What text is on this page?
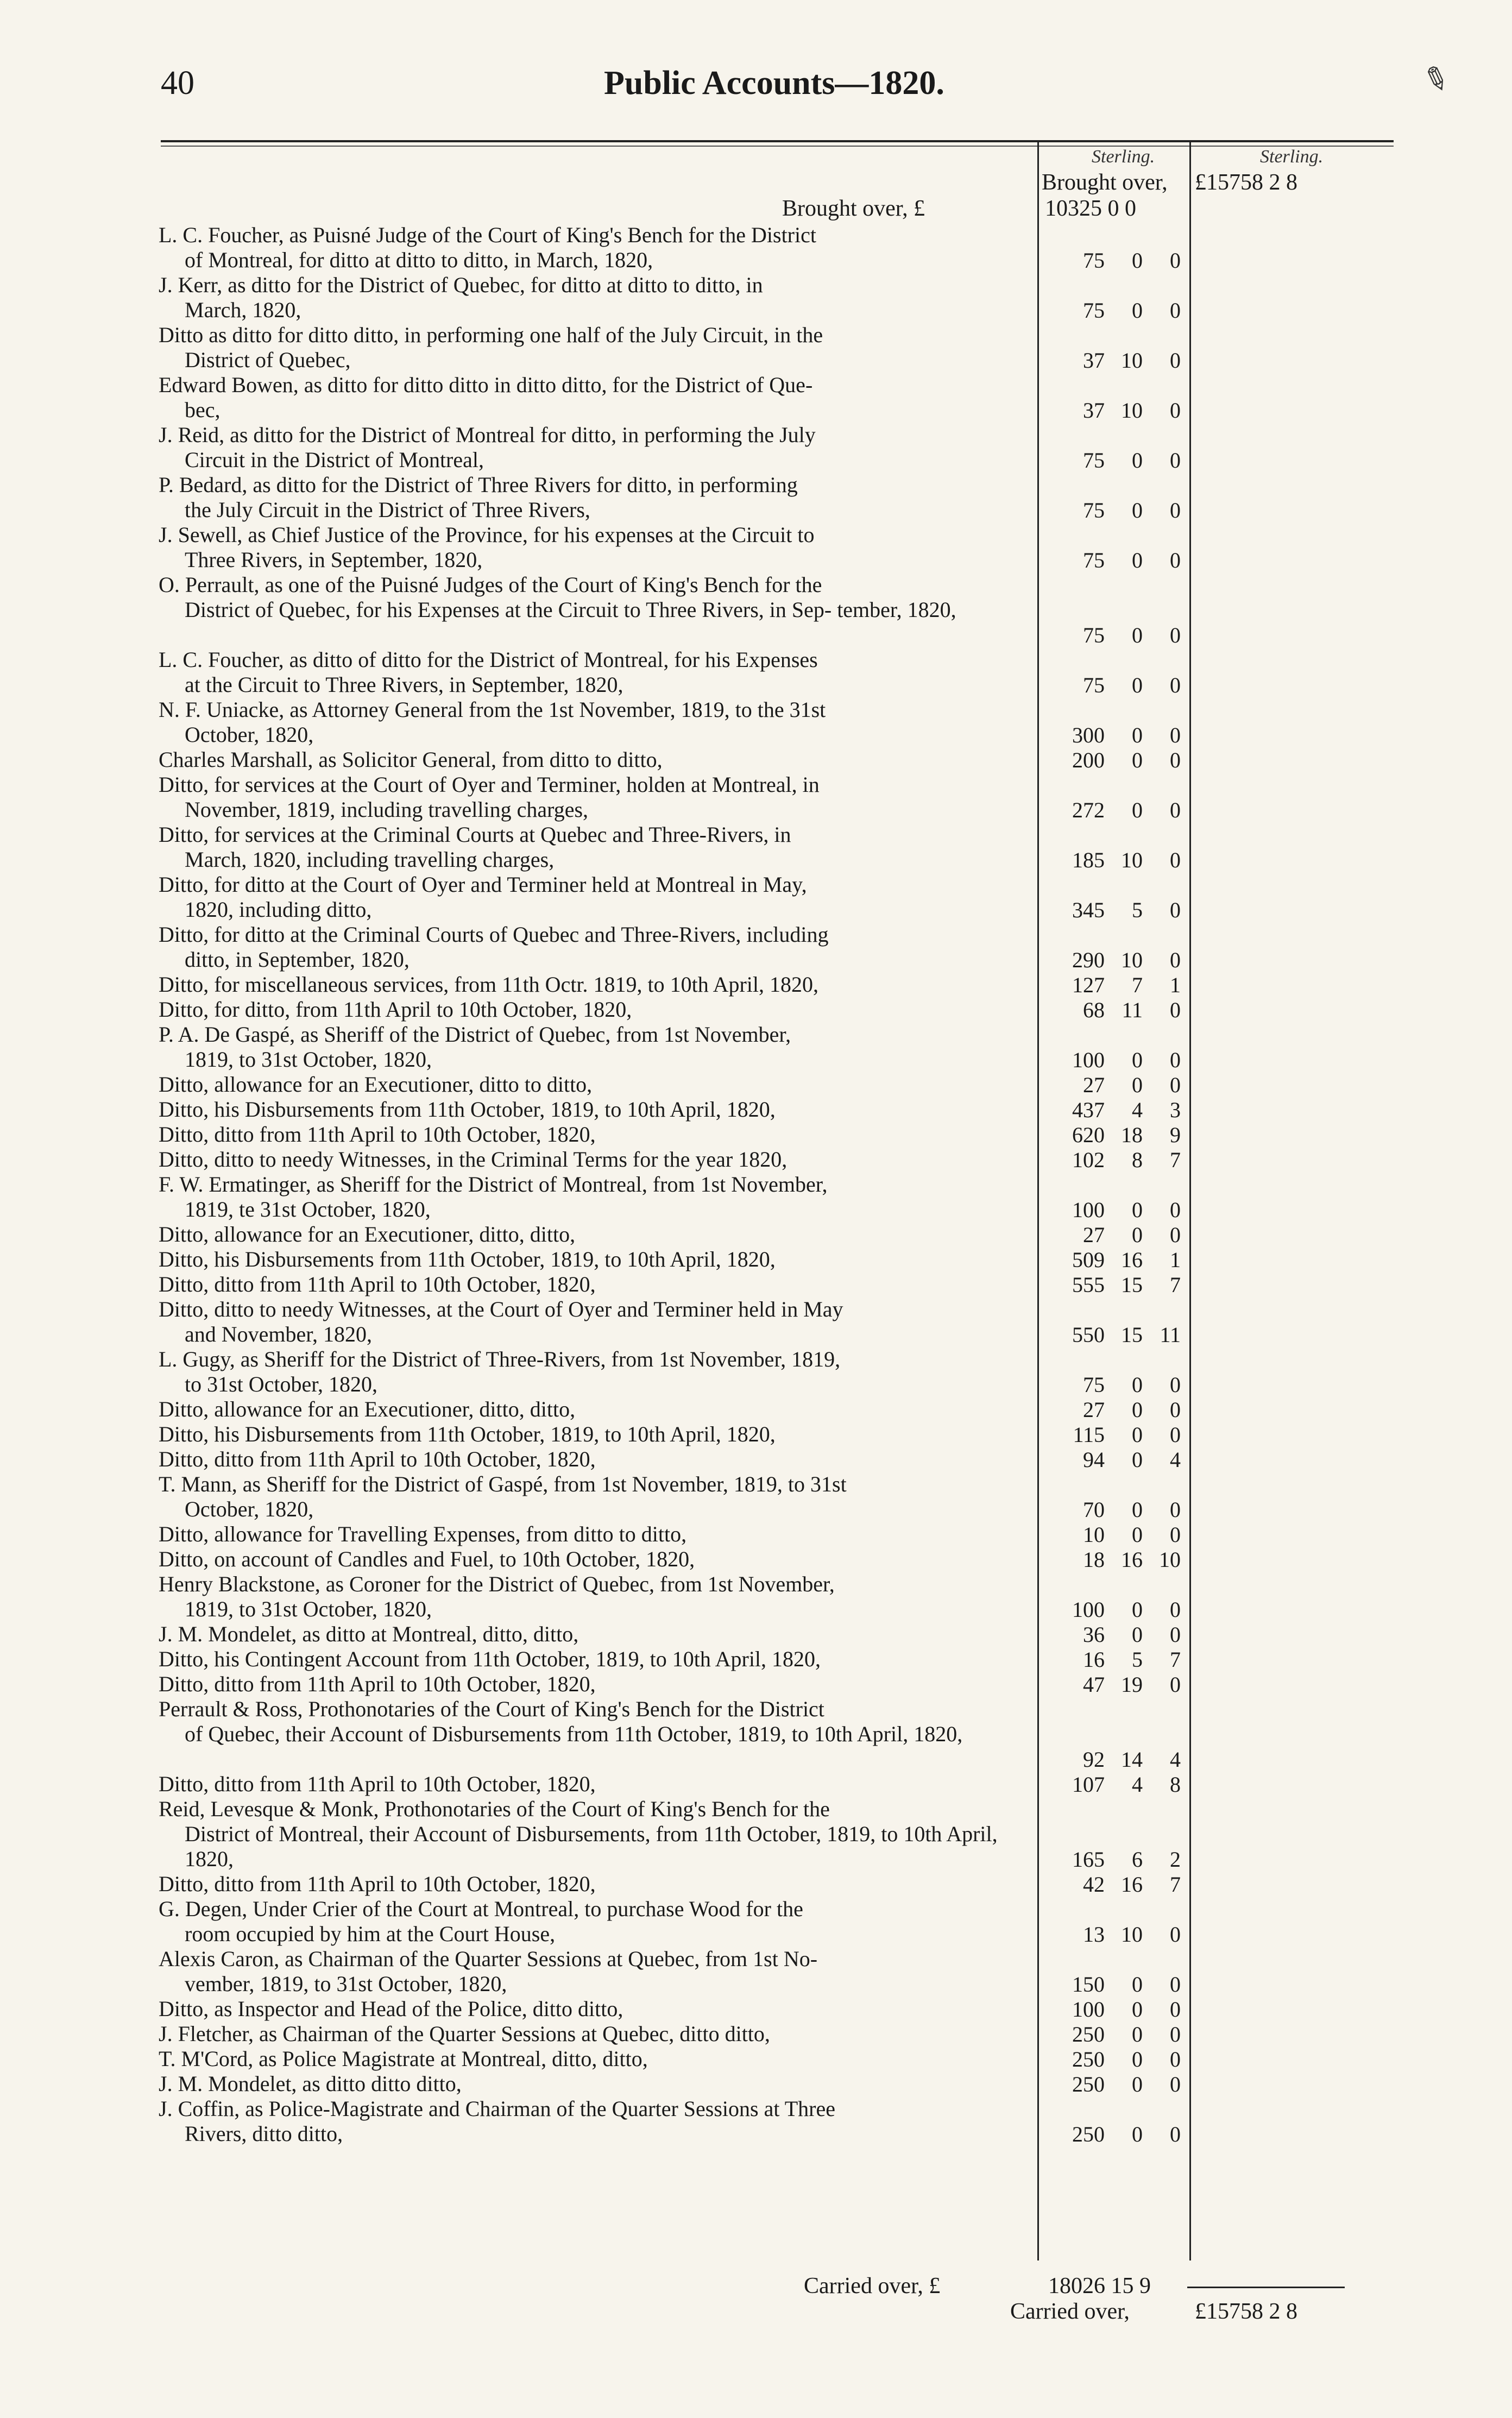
40	Public Accounts—1820.	✎
Sterling.	Sterling.
Brought over, £15758 2 8
Brought over, £	10325 0 0
L. C. Foucher, as Puisné Judge of the Court of King's Bench for the District
of Montreal, for ditto at ditto to ditto, in March, 1820,	75	0	0
J. Kerr, as ditto for the District of Quebec, for ditto at ditto to ditto, in
March, 1820,	75	0	0
Ditto as ditto for ditto ditto, in performing one half of the July Circuit, in the
District of Quebec,	37 10	0
Edward Bowen, as ditto for ditto ditto in ditto ditto, for the District of Que-
bec,	37 10	0
J. Reid, as ditto for the District of Montreal for ditto, in performing the July
Circuit in the District of Montreal,	75	0	0
P. Bedard, as ditto for the District of Three Rivers for ditto, in performing
the July Circuit in the District of Three Rivers,	75	0	0
J. Sewell, as Chief Justice of the Province, for his expenses at the Circuit to
Three Rivers, in September, 1820,	75	0	0
O. Perrault, as one of the Puisné Judges of the Court of King's Bench for the
District of Quebec, for his Expenses at the Circuit to Three Rivers, in Sep- tember, 1820,
75	0	0
L. C. Foucher, as ditto of ditto for the District of Montreal, for his Expenses
at the Circuit to Three Rivers, in September, 1820,	75	0	0
N. F. Uniacke, as Attorney General from the 1st November, 1819, to the 31st
October, 1820,	300	0	0
Charles Marshall, as Solicitor General, from ditto to ditto,	200	0	0
Ditto, for services at the Court of Oyer and Terminer, holden at Montreal, in
November, 1819, including travelling charges,	272	0	0
Ditto, for services at the Criminal Courts at Quebec and Three-Rivers, in
March, 1820, including travelling charges,	185 10	0
Ditto, for ditto at the Court of Oyer and Terminer held at Montreal in May,
1820, including ditto,	345	5	0
Ditto, for ditto at the Criminal Courts of Quebec and Three-Rivers, including
ditto, in September, 1820,	290 10	0
Ditto, for miscellaneous services, from 11th Octr. 1819, to 10th April, 1820,	127	7	1
Ditto, for ditto, from 11th April to 10th October, 1820,	68 11	0
P. A. De Gaspé, as Sheriff of the District of Quebec, from 1st November,
1819, to 31st October, 1820,	100	0	0
Ditto, allowance for an Executioner, ditto to ditto,	27	0	0
Ditto, his Disbursements from 11th October, 1819, to 10th April, 1820,	437	4	3
Ditto, ditto from 11th April to 10th October, 1820,	620 18	9
Ditto, ditto to needy Witnesses, in the Criminal Terms for the year 1820,	102	8	7
F. W. Ermatinger, as Sheriff for the District of Montreal, from 1st November,
1819, te 31st October, 1820,	100	0	0
Ditto, allowance for an Executioner, ditto, ditto,	27	0	0
Ditto, his Disbursements from 11th October, 1819, to 10th April, 1820,	509 16	1
Ditto, ditto from 11th April to 10th October, 1820,	555 15	7
Ditto, ditto to needy Witnesses, at the Court of Oyer and Terminer held in May
and November, 1820,	550 15 11
L. Gugy, as Sheriff for the District of Three-Rivers, from 1st November, 1819,
to 31st October, 1820,	75	0	0
Ditto, allowance for an Executioner, ditto, ditto,	27	0	0
Ditto, his Disbursements from 11th October, 1819, to 10th April, 1820,	115	0	0
Ditto, ditto from 11th April to 10th October, 1820,	94	0	4
T. Mann, as Sheriff for the District of Gaspé, from 1st November, 1819, to 31st
October, 1820,	70	0	0
Ditto, allowance for Travelling Expenses, from ditto to ditto,	10	0	0
Ditto, on account of Candles and Fuel, to 10th October, 1820,	18 16 10
Henry Blackstone, as Coroner for the District of Quebec, from 1st November,
1819, to 31st October, 1820,	100	0	0
J. M. Mondelet, as ditto at Montreal, ditto, ditto,	36	0	0
Ditto, his Contingent Account from 11th October, 1819, to 10th April, 1820,	16	5	7
Ditto, ditto from 11th April to 10th October, 1820,	47 19	0
Perrault & Ross, Prothonotaries of the Court of King's Bench for the District
of Quebec, their Account of Disbursements from 11th October, 1819, to 10th April, 1820,
92 14	4
Ditto, ditto from 11th April to 10th October, 1820,	107	4	8
Reid, Levesque & Monk, Prothonotaries of the Court of King's Bench for the
District of Montreal, their Account of Disbursements, from 11th October, 1819, to 10th April, 1820,	165	6	2
Ditto, ditto from 11th April to 10th October, 1820,	42 16	7
G. Degen, Under Crier of the Court at Montreal, to purchase Wood for the
room occupied by him at the Court House,	13 10	0
Alexis Caron, as Chairman of the Quarter Sessions at Quebec, from 1st No-
vember, 1819, to 31st October, 1820,	150	0	0
Ditto, as Inspector and Head of the Police, ditto ditto,	100	0	0
J. Fletcher, as Chairman of the Quarter Sessions at Quebec, ditto ditto,	250	0	0
T. M'Cord, as Police Magistrate at Montreal, ditto, ditto,	250	0	0
J. M. Mondelet, as ditto ditto ditto,	250	0	0
J. Coffin, as Police-Magistrate and Chairman of the Quarter Sessions at Three
Rivers, ditto ditto,	250	0	0
Carried over, £	18026 15 9
Carried over,	£15758 2 8
